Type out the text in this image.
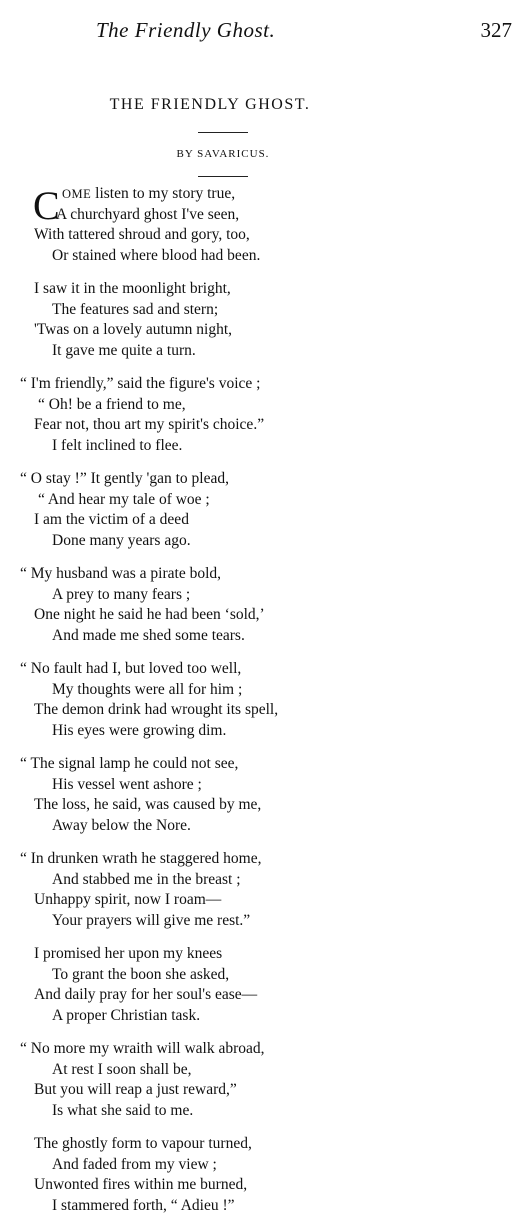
The Friendly Ghost.	327
THE FRIENDLY GHOST.
BY SAVARICUS.
C OME listen to my story true,
A churchyard ghost I've seen,
With tattered shroud and gory, too,
Or stained where blood had been.
I saw it in the moonlight bright,
The features sad and stern;
'Twas on a lovely autumn night,
It gave me quite a turn.
“ I'm friendly,” said the figure's voice ;
“ Oh! be a friend to me,
Fear not, thou art my spirit's choice.”
I felt inclined to flee.
“ O stay !” It gently 'gan to plead,
“ And hear my tale of woe ;
I am the victim of a deed
Done many years ago.
“ My husband was a pirate bold,
A prey to many fears ;
One night he said he had been ‘sold,’
And made me shed some tears.
“ No fault had I, but loved too well,
My thoughts were all for him ;
The demon drink had wrought its spell,
His eyes were growing dim.
“ The signal lamp he could not see,
His vessel went ashore ;
The loss, he said, was caused by me,
Away below the Nore.
“ In drunken wrath he staggered home,
And stabbed me in the breast ;
Unhappy spirit, now I roam—
Your prayers will give me rest.”
I promised her upon my knees
To grant the boon she asked,
And daily pray for her soul's ease—
A proper Christian task.
“ No more my wraith will walk abroad,
At rest I soon shall be,
But you will reap a just reward,”
Is what she said to me.
The ghostly form to vapour turned,
And faded from my view ;
Unwonted fires within me burned,
I stammered forth, “ Adieu !”
